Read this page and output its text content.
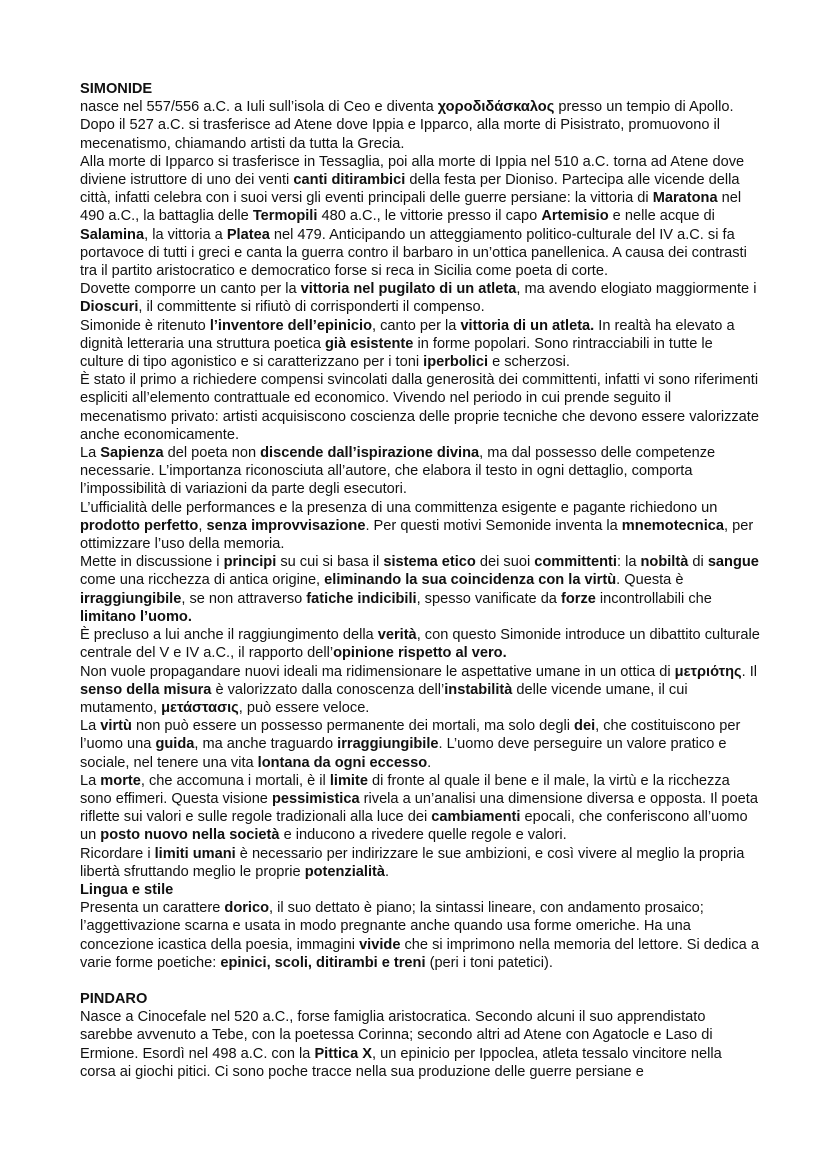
SIMONIDE

nasce nel 557/556 a.C. a Iuli sull’isola di Ceo e diventa χοροδιδάσκαλος presso un tempio di Apollo. Dopo il 527 a.C. si trasferisce ad Atene dove Ippia e Ipparco, alla morte di Pisistrato, promuovono il mecenatismo, chiamando artisti da tutta la Grecia.

Alla morte di Ipparco si trasferisce in Tessaglia, poi alla morte di Ippia nel 510 a.C. torna ad Atene dove diviene istruttore di uno dei venti canti ditirambici della festa per Dioniso. Partecipa alle vicende della città, infatti celebra con i suoi versi gli eventi principali delle guerre persiane: la vittoria di Maratona nel 490 a.C., la battaglia delle Termopili 480 a.C., le vittorie presso il capo Artemisio e nelle acque di Salamina, la vittoria a Platea nel 479. Anticipando un atteggiamento politico-culturale del IV a.C. si fa portavoce di tutti i greci e canta la guerra contro il barbaro in un’ottica panellenica. A causa dei contrasti tra il partito aristocratico e democratico forse si reca in Sicilia come poeta di corte.

Dovette comporre un canto per la vittoria nel pugilato di un atleta, ma avendo elogiato maggiormente i Dioscuri, il committente si rifiutò di corrisponderti il compenso.

Simonide è ritenuto l’inventore dell’epinicio, canto per la vittoria di un atleta. In realtà ha elevato a dignità letteraria una struttura poetica già esistente in forme popolari. Sono rintracciabili in tutte le culture di tipo agonistico e si caratterizzano per i toni iperbolici e scherzosi.

È stato il primo a richiedere compensi svincolati dalla generosità dei committenti, infatti vi sono riferimenti espliciti all’elemento contrattuale ed economico. Vivendo nel periodo in cui prende seguito il mecenatismo privato: artisti acquisiscono coscienza delle proprie tecniche che devono essere valorizzate anche economicamente.

La Sapienza del poeta non discende dall’ispirazione divina, ma dal possesso delle competenze necessarie. L’importanza riconosciuta all’autore, che elabora il testo in ogni dettaglio, comporta l’impossibilità di variazioni da parte degli esecutori.

L’ufficialità delle performances e la presenza di una committenza esigente e pagante richiedono un prodotto perfetto, senza improvvisazione. Per questi motivi Semonide inventa la mnemotecnica, per ottimizzare l’uso della memoria.

Mette in discussione i principi su cui si basa il sistema etico dei suoi committenti: la nobiltà di sangue come una ricchezza di antica origine, eliminando la sua coincidenza con la virtù. Questa è irraggiungibile, se non attraverso fatiche indicibili, spesso vanificate da forze incontrollabili che limitano l’uomo.

È precluso a lui anche il raggiungimento della verità, con questo Simonide introduce un dibattito culturale centrale del V e IV a.C., il rapporto dell’opinione rispetto al vero.

Non vuole propagandare nuovi ideali ma ridimensionare le aspettative umane in un ottica di μετριότης. Il senso della misura è valorizzato dalla conoscenza dell’instabilità delle vicende umane, il cui mutamento, μετάστασις, può essere veloce.

La virtù non può essere un possesso permanente dei mortali, ma solo degli dei, che costituiscono per l’uomo una guida, ma anche traguardo irraggiungibile. L’uomo deve perseguire un valore pratico e sociale, nel tenere una vita lontana da ogni eccesso.

La morte, che accomuna i mortali, è il limite di fronte al quale il bene e il male, la virtù e la ricchezza sono effimeri. Questa visione pessimistica rivela a un’analisi una dimensione diversa e opposta. Il poeta riflette sui valori e sulle regole tradizionali alla luce dei cambiamenti epocali, che conferiscono all’uomo un posto nuovo nella società e inducono a rivedere quelle regole e valori.

Ricordare i limiti umani è necessario per indirizzare le sue ambizioni, e così vivere al meglio la propria libertà sfruttando meglio le proprie potenzialità.

Lingua e stile

Presenta un carattere dorico, il suo dettato è piano; la sintassi lineare, con andamento prosaico; l’aggettivazione scarna e usata in modo pregnante anche quando usa forme omeriche. Ha una concezione icastica della poesia, immagini vivide che si imprimono nella memoria del lettore. Si dedica a varie forme poetiche: epinici, scoli, ditirambi e treni (peri i toni patetici).

PINDARO

Nasce a Cinocefale nel 520 a.C., forse famiglia aristocratica. Secondo alcuni il suo apprendistato sarebbe avvenuto a Tebe, con la poetessa Corinna; secondo altri ad Atene con Agatocle e Laso di Ermione. Esordì nel 498 a.C. con la Pittica X, un epinicio per Ippoclea, atleta tessalo vincitore nella corsa ai giochi pitici. Ci sono poche tracce nella sua produzione delle guerre persiane e
